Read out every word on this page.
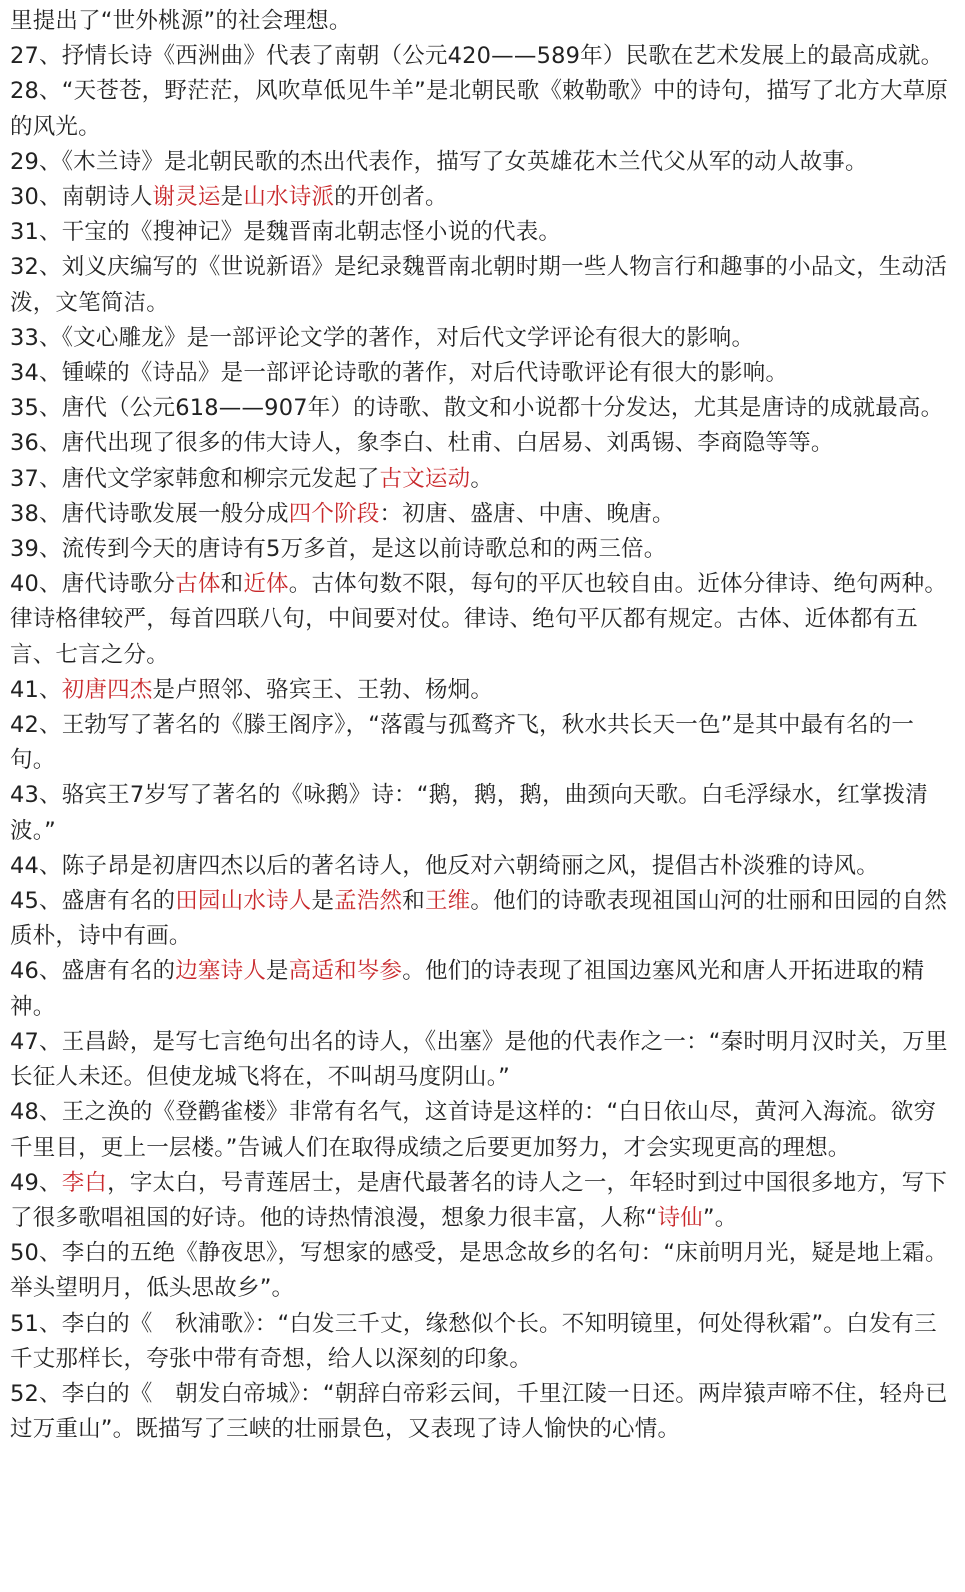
里提出了“世外桃源”的社会理想。

27、抒情长诗《西洲曲》代表了南朝（公元420——589年）民歌在艺术发展上的最高成就。

28、“天苍苍，野茫茫，风吹草低见牛羊”是北朝民歌《敕勒歌》中的诗句，描写了北方大草原的风光。

29、《木兰诗》是北朝民歌的杰出代表作，描写了女英雄花木兰代父从军的动人故事。

30、南朝诗人谢灵运是山水诗派的开创者。

31、干宝的《搜神记》是魏晋南北朝志怪小说的代表。

32、刘义庆编写的《世说新语》是纪录魏晋南北朝时期一些人物言行和趣事的小品文，生动活泼，文笔简洁。

33、《文心雕龙》是一部评论文学的著作，对后代文学评论有很大的影响。

34、锺嵘的《诗品》是一部评论诗歌的著作，对后代诗歌评论有很大的影响。

35、唐代（公元618——907年）的诗歌、散文和小说都十分发达，尤其是唐诗的成就最高。

36、唐代出现了很多的伟大诗人，象李白、杜甫、白居易、刘禹锡、李商隐等等。

37、唐代文学家韩愈和柳宗元发起了古文运动。

38、唐代诗歌发展一般分成四个阶段：初唐、盛唐、中唐、晚唐。

39、流传到今天的唐诗有5万多首，是这以前诗歌总和的两三倍。

40、唐代诗歌分古体和近体。古体句数不限，每句的平仄也较自由。近体分律诗、绝句两种。律诗格律较严，每首四联八句，中间要对仗。律诗、绝句平仄都有规定。古体、近体都有五言、七言之分。

41、初唐四杰是卢照邻、骆宾王、王勃、杨炯。

42、王勃写了著名的《滕王阁序》，“落霞与孤鹜齐飞，秋水共长天一色”是其中最有名的一句。

43、骆宾王7岁写了著名的《咏鹅》诗：“鹅，鹅，鹅，曲颈向天歌。白毛浮绿水，红掌拨清波。”

44、陈子昂是初唐四杰以后的著名诗人，他反对六朝绮丽之风，提倡古朴淡雅的诗风。

45、盛唐有名的田园山水诗人是孟浩然和王维。他们的诗歌表现祖国山河的壮丽和田园的自然质朴，诗中有画。

46、盛唐有名的边塞诗人是高适和岑参。他们的诗表现了祖国边塞风光和唐人开拓进取的精神。

47、王昌龄，是写七言绝句出名的诗人，《出塞》是他的代表作之一：“秦时明月汉时关，万里长征人未还。但使龙城飞将在，不叫胡马度阴山。”

48、王之涣的《登鹳雀楼》非常有名气，这首诗是这样的：“白日依山尽，黄河入海流。欲穷千里目，更上一层楼。”告诫人们在取得成绩之后要更加努力，才会实现更高的理想。

49、李白，字太白，号青莲居士，是唐代最著名的诗人之一，年轻时到过中国很多地方，写下了很多歌唱祖国的好诗。他的诗热情浪漫，想象力很丰富，人称“诗仙”。

50、李白的五绝《静夜思》，写想家的感受，是思念故乡的名句：“床前明月光，疑是地上霜。举头望明月，低头思故乡”。

51、李白的《　秋浦歌》：“白发三千丈，缘愁似个长。不知明镜里，何处得秋霜”。白发有三千丈那样长，夸张中带有奇想，给人以深刻的印象。

52、李白的《　朝发白帝城》：“朝辞白帝彩云间，千里江陵一日还。两岸猿声啼不住，轻舟已过万重山”。既描写了三峡的壮丽景色，又表现了诗人愉快的心情。
